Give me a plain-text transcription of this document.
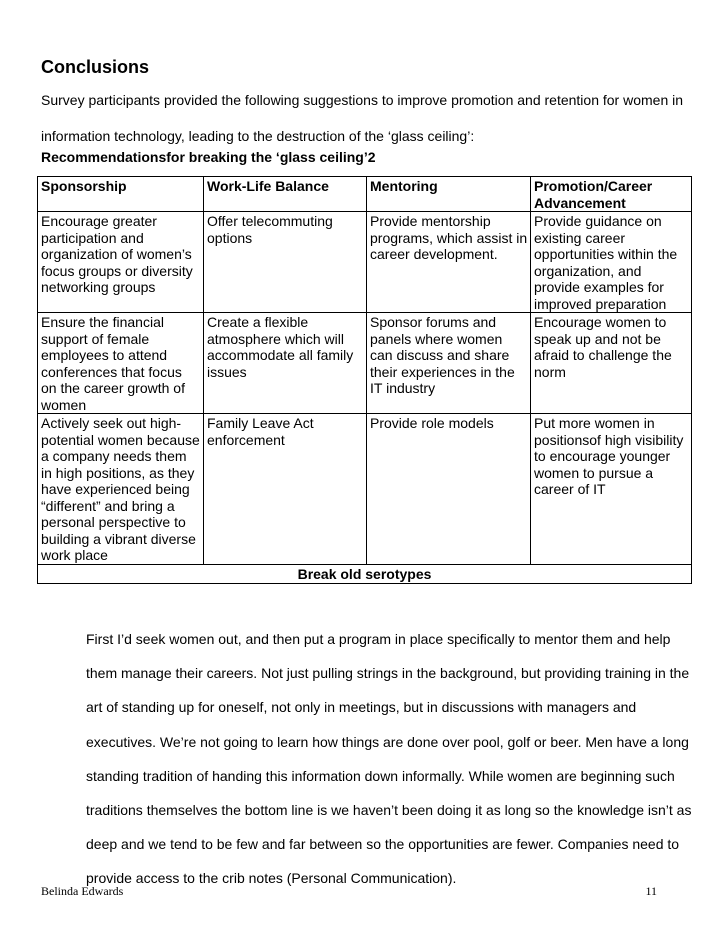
Conclusions
Survey participants provided the following suggestions to improve promotion and retention for women in information technology, leading to the destruction of the ‘glass ceiling’:
Recommendationsfor breaking the ‘glass ceiling’2
Sponsorship	Work-Life Balance	Mentoring	Promotion/Career Advancement
Encourage greater participation and organization of women’s focus groups or diversity networking groups	Offer telecommuting options	Provide mentorship programs, which assist in career development.	Provide guidance on existing career opportunities within the organization, and provide examples for improved preparation
Ensure the financial support of female employees to attend conferences that focus on the career growth of women	Create a flexible atmosphere which will accommodate all family issues	Sponsor forums and panels where women can discuss and share their experiences in the IT industry	Encourage women to speak up and not be afraid to challenge the norm
Actively seek out high-potential women because a company needs them in high positions, as they have experienced being “different” and bring a personal perspective to building a vibrant diverse work place	Family Leave Act enforcement	Provide role models	Put more women in positionsof high visibility to encourage younger women to pursue a career of IT
Break old serotypes			
First I’d seek women out, and then put a program in place specifically to mentor them and help them manage their careers. Not just pulling strings in the background, but providing training in the art of standing up for oneself, not only in meetings, but in discussions with managers and executives. We’re not going to learn how things are done over pool, golf or beer. Men have a long standing tradition of handing this information down informally. While women are beginning such traditions themselves the bottom line is we haven’t been doing it as long so the knowledge isn’t as deep and we tend to be few and far between so the opportunities are fewer. Companies need to provide access to the crib notes (Personal Communication).
Belinda Edwards	11
